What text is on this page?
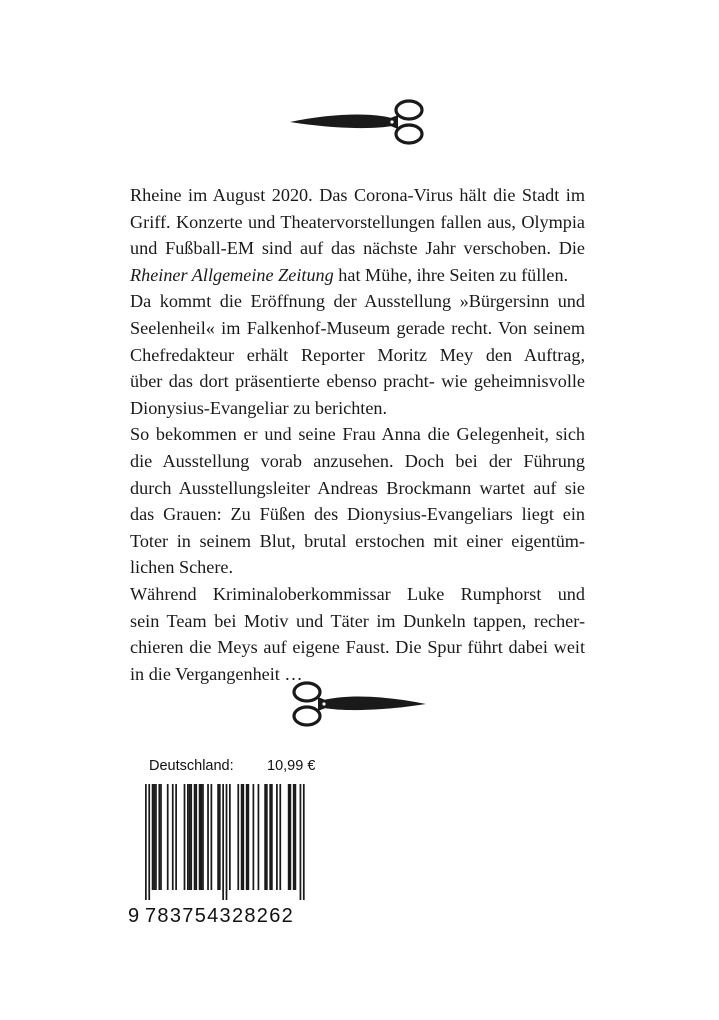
Rheine im August 2020. Das Corona-Virus hält die Stadt im
Griff. Konzerte und Theatervorstellungen fallen aus, Olympia
und Fußball-EM sind auf das nächste Jahr verschoben. Die
Rheiner Allgemeine Zeitung hat Mühe, ihre Seiten zu füllen.

Da kommt die Eröffnung der Ausstellung »Bürgersinn und
Seelenheil« im Falkenhof-Museum gerade recht. Von seinem
Chefredakteur erhält Reporter Moritz Mey den Auftrag,
über das dort präsentierte ebenso pracht- wie geheimnisvolle
Dionysius-Evangeliar zu berichten.

So bekommen er und seine Frau Anna die Gelegenheit, sich
die Ausstellung vorab anzusehen. Doch bei der Führung
durch Ausstellungsleiter Andreas Brockmann wartet auf sie
das Grauen: Zu Füßen des Dionysius-Evangeliars liegt ein
Toter in seinem Blut, brutal erstochen mit einer eigentüm-
lichen Schere.

Während Kriminaloberkommissar Luke Rumphorst und
sein Team bei Motiv und Täter im Dunkeln tappen, recher-
chieren die Meys auf eigene Faust. Die Spur führt dabei weit
in die Vergangenheit …

Deutschland: 10,99 €
9 783754328262
